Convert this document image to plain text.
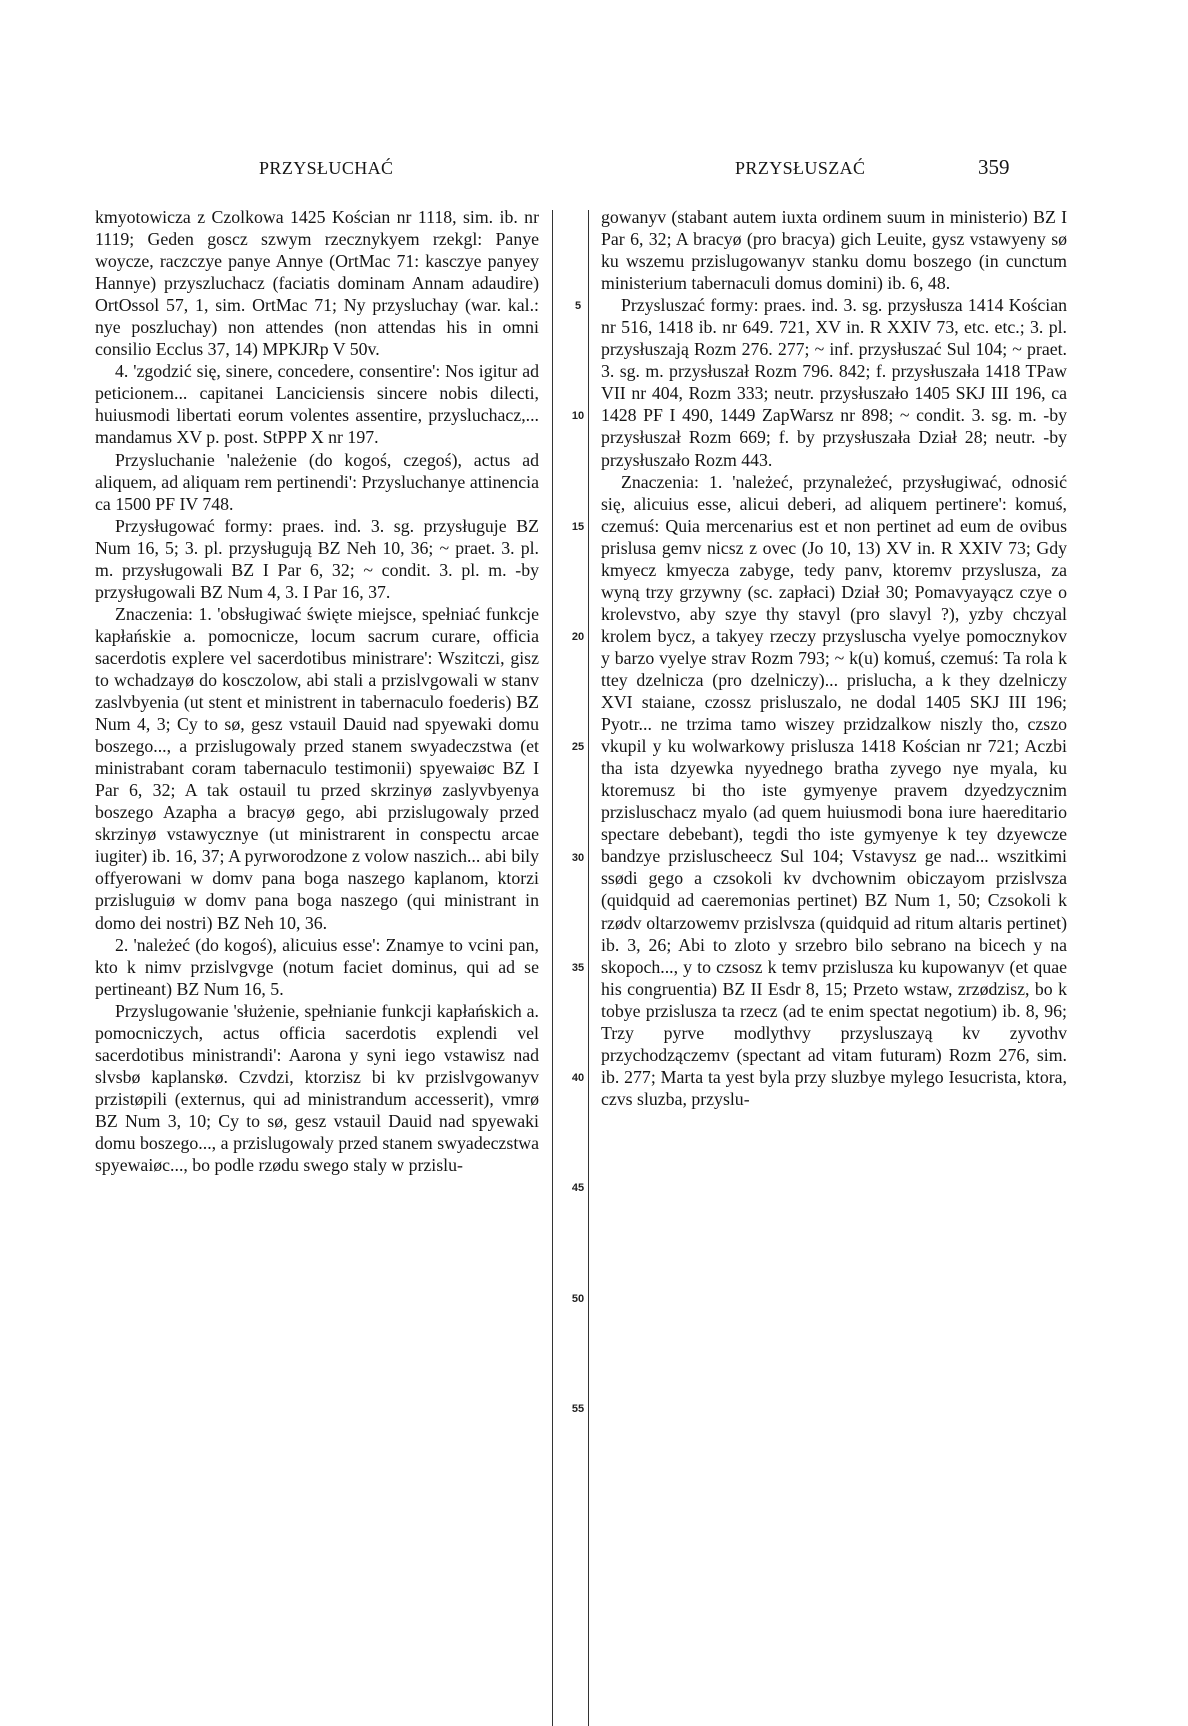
PRZYSŁUCHAĆ	PRZYSŁUSZAĆ	359
5
10
15
20
25
30
35
40
45
50
55

kmyotowicza z Czolkowa 1425 Kościan nr 1118, sim. ib. nr 1119; Geden goscz szwym rzecznykyem rzekgl: Panye woycze, raczczye panye Annye (OrtMac 71: kasczye panyey Hannye) przyszluchacz (faciatis dominam Annam adaudire) OrtOssol 57, 1, sim. OrtMac 71; Ny przysluchay (war. kal.: nye poszluchay) non attendes (non attendas his in omni consilio Ecclus 37, 14) MPKJRp V 50v.

4. 'zgodzić się, sinere, concedere, consentire': Nos igitur ad peticionem... capitanei Lanciciensis sincere nobis dilecti, huiusmodi libertati eorum volentes assentire, przysluchacz,... mandamus XV p. post. StPPP X nr 197.

Przysluchanie 'należenie (do kogoś, czegoś), actus ad aliquem, ad aliquam rem pertinendi': Przysluchanye attinencia ca 1500 PF IV 748.

Przysługować formy: praes. ind. 3. sg. przysługuje BZ Num 16, 5; 3. pl. przysługują BZ Neh 10, 36; ~ praet. 3. pl. m. przysługowali BZ I Par 6, 32; ~ condit. 3. pl. m. -by przysługowali BZ Num 4, 3. I Par 16, 37.

Znaczenia: 1. 'obsługiwać święte miejsce, spełniać funkcje kapłańskie a. pomocnicze, locum sacrum curare, officia sacerdotis explere vel sacerdotibus ministrare': Wszitczi, gisz to wchadzayø do kosczolow, abi stali a przislvgowali w stanv zaslvbyenia (ut stent et ministrent in tabernaculo foederis) BZ Num 4, 3; Cy to sø, gesz vstauil Dauid nad spyewaki domu boszego..., a przislugowaly przed stanem swyadeczstwa (et ministrabant coram tabernaculo testimonii) spyewaiøc BZ I Par 6, 32; A tak ostauil tu przed skrzinyø zaslyvbyenya boszego Azapha a bracyø gego, abi przislugowaly przed skrzinyø vstawycznye (ut ministrarent in conspectu arcae iugiter) ib. 16, 37; A pyrworodzone z volow naszich... abi bily offyerowani w domv pana boga naszego kaplanom, ktorzi przisluguiø w domv pana boga naszego (qui ministrant in domo dei nostri) BZ Neh 10, 36.

2. 'należeć (do kogoś), alicuius esse': Znamye to vcini pan, kto k nimv przislvgvge (notum faciet dominus, qui ad se pertineant) BZ Num 16, 5.

Przyslugowanie 'służenie, spełnianie funkcji kapłańskich a. pomocniczych, actus officia sacerdotis explendi vel sacerdotibus ministrandi': Aarona y syni iego vstawisz nad slvsbø kaplanskø. Czvdzi, ktorzisz bi kv przislvgowanyv przistøpili (externus, qui ad ministrandum accesserit), vmrø BZ Num 3, 10; Cy to sø, gesz vstauil Dauid nad spyewaki domu boszego..., a przislugowaly przed stanem swyadeczstwa spyewaiøc..., bo podle rzødu swego staly w przislu-

gowanyv (stabant autem iuxta ordinem suum in ministerio) BZ I Par 6, 32; A bracyø (pro bracya) gich Leuite, gysz vstawyeny sø ku wszemu przislugowanyv stanku domu boszego (in cunctum ministerium tabernaculi domus domini) ib. 6, 48.

Przysluszać formy: praes. ind. 3. sg. przysłusza 1414 Kościan nr 516, 1418 ib. nr 649. 721, XV in. R XXIV 73, etc. etc.; 3. pl. przysłuszają Rozm 276. 277; ~ inf. przysłuszać Sul 104; ~ praet. 3. sg. m. przysłuszał Rozm 796. 842; f. przysłuszała 1418 TPaw VII nr 404, Rozm 333; neutr. przysłuszało 1405 SKJ III 196, ca 1428 PF I 490, 1449 ZapWarsz nr 898; ~ condit. 3. sg. m. -by przysłuszał Rozm 669; f. by przysłuszała Dział 28; neutr. -by przysłuszało Rozm 443.

Znaczenia: 1. 'należeć, przynależeć, przysługiwać, odnosić się, alicuius esse, alicui deberi, ad aliquem pertinere': komuś, czemuś: Quia mercenarius est et non pertinet ad eum de ovibus prislusa gemv nicsz z ovec (Jo 10, 13) XV in. R XXIV 73; Gdy kmyecz kmyecza zabyge, tedy panv, ktoremv przyslusza, za wyną trzy grzywny (sc. zapłaci) Dział 30; Pomavyayącz czye o krolevstvo, aby szye thy stavyl (pro slavyl ?), yzby chczyal krolem bycz, a takyey rzeczy przysluscha vyelye pomocznykov y barzo vyelye strav Rozm 793; ~ k(u) komuś, czemuś: Ta rola k ttey dzelnicza (pro dzelniczy)... prislucha, a k they dzelniczy XVI staiane, czossz prisluszalo, ne dodal 1405 SKJ III 196; Pyotr... ne trzima tamo wiszey przidzalkow niszly tho, czszo vkupil y ku wolwarkowy prislusza 1418 Kościan nr 721; Aczbi tha ista dzyewka nyyednego bratha zyvego nye myala, ku ktoremusz bi tho iste gymyenye pravem dzyedzycznim przisluschacz myalo (ad quem huiusmodi bona iure haereditario spectare debebant), tegdi tho iste gymyenye k tey dzyewcze bandzye przisluscheecz Sul 104; Vstavysz ge nad... wszitkimi ssødi gego a czsokoli kv dvchownim obiczayom przislvsza (quidquid ad caeremonias pertinet) BZ Num 1, 50; Czsokoli k rzødv oltarzowemv przislvsza (quidquid ad ritum altaris pertinet) ib. 3, 26; Abi to zloto y srzebro bilo sebrano na bicech y na skopoch..., y to czsosz k temv przislusza ku kupowanyv (et quae his congruentia) BZ II Esdr 8, 15; Przeto wstaw, zrzødzisz, bo k tobye przislusza ta rzecz (ad te enim spectat negotium) ib. 8, 96; Trzy pyrve modlythvy przysluszayą kv zyvothv przychodzączemv (spectant ad vitam futuram) Rozm 276, sim. ib. 277; Marta ta yest byla przy sluzbye mylego Iesucrista, ktora, czvs sluzba, przyslu-
